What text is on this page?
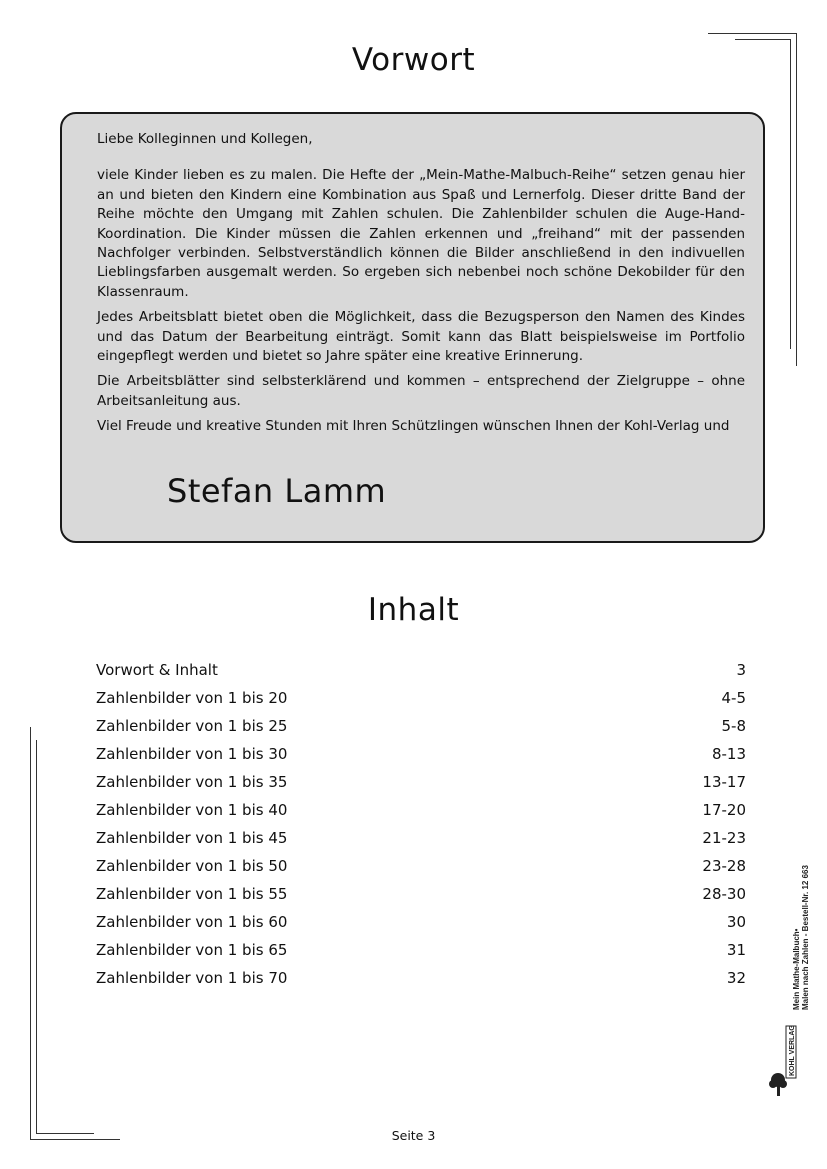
Vorwort

Liebe Kolleginnen und Kollegen,

viele Kinder lieben es zu malen. Die Hefte der „Mein-Mathe-Malbuch-Reihe“ setzen genau hier an und bieten den Kindern eine Kombination aus Spaß und Lernerfolg. Dieser dritte Band der Reihe möchte den Umgang mit Zahlen schulen. Die Zahlenbilder schulen die Auge-Hand-Koordination. Die Kinder müssen die Zahlen erkennen und „freihand“ mit der passenden Nachfolger verbinden. Selbstverständlich können die Bilder anschließend in den indivuellen Lieblingsfarben ausgemalt werden. So ergeben sich nebenbei noch schöne Dekobilder für den Klassenraum.

Jedes Arbeitsblatt bietet oben die Möglichkeit, dass die Bezugsperson den Namen des Kindes und das Datum der Bearbeitung einträgt. Somit kann das Blatt beispielsweise im Portfolio eingepflegt werden und bietet so Jahre später eine kreative Erinnerung.

Die Arbeitsblätter sind selbsterklärend und kommen – entsprechend der Zielgruppe – ohne Arbeitsanleitung aus.

Viel Freude und kreative Stunden mit Ihren Schützlingen wünschen Ihnen der Kohl-Verlag und

Stefan Lamm
Inhalt
Vorwort & Inhalt	3
Zahlenbilder von 1 bis 20	4-5
Zahlenbilder von 1 bis 25	5-8
Zahlenbilder von 1 bis 30	8-13
Zahlenbilder von 1 bis 35	13-17
Zahlenbilder von 1 bis 40	17-20
Zahlenbilder von 1 bis 45	21-23
Zahlenbilder von 1 bis 50	23-28
Zahlenbilder von 1 bis 55	28-30
Zahlenbilder von 1 bis 60	30
Zahlenbilder von 1 bis 65	31
Zahlenbilder von 1 bis 70	32	Mein Mathe-Malbuch• Malen nach Zahlen - Bestell-Nr. 12 663
KOHL VERLAG
Seite 3
